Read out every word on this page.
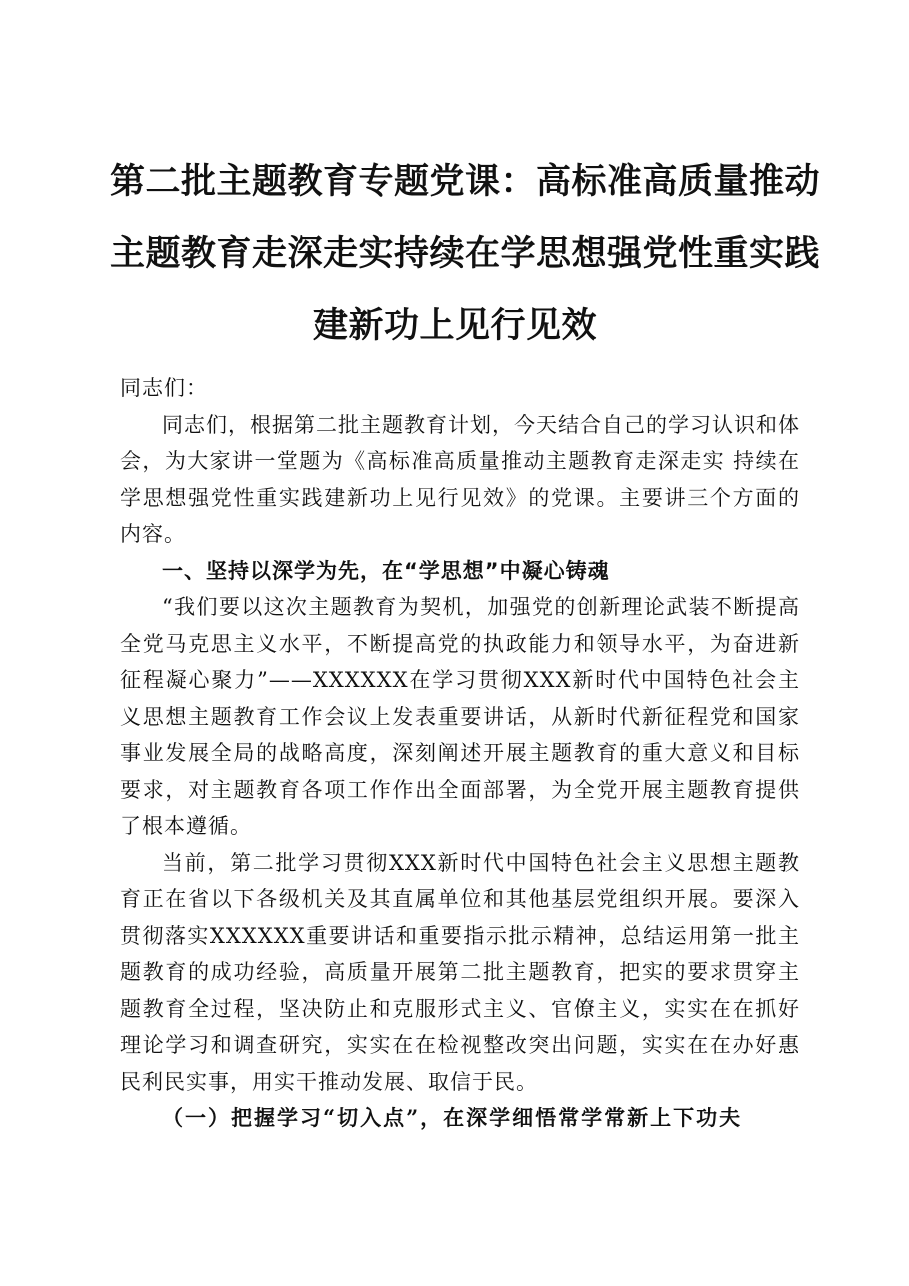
第二批主题教育专题党课：高标准高质量推动
主题教育走深走实持续在学思想强党性重实践
建新功上见行见效

同志们：

同志们，根据第二批主题教育计划，今天结合自己的学习认识和体会，为大家讲一堂题为《高标准高质量推动主题教育走深走实 持续在学思想强党性重实践建新功上见行见效》的党课。主要讲三个方面的内容。

一、坚持以深学为先，在“学思想”中凝心铸魂

“我们要以这次主题教育为契机，加强党的创新理论武装不断提高全党马克思主义水平，不断提高党的执政能力和领导水平，为奋进新征程凝心聚力”——XXXXXX在学习贯彻XXX新时代中国特色社会主义思想主题教育工作会议上发表重要讲话，从新时代新征程党和国家事业发展全局的战略高度，深刻阐述开展主题教育的重大意义和目标要求，对主题教育各项工作作出全面部署，为全党开展主题教育提供了根本遵循。

当前，第二批学习贯彻XXX新时代中国特色社会主义思想主题教育正在省以下各级机关及其直属单位和其他基层党组织开展。要深入贯彻落实XXXXXX重要讲话和重要指示批示精神，总结运用第一批主题教育的成功经验，高质量开展第二批主题教育，把实的要求贯穿主题教育全过程，坚决防止和克服形式主义、官僚主义，实实在在抓好理论学习和调查研究，实实在在检视整改突出问题，实实在在办好惠民利民实事，用实干推动发展、取信于民。

（一）把握学习“切入点”，在深学细悟常学常新上下功夫
